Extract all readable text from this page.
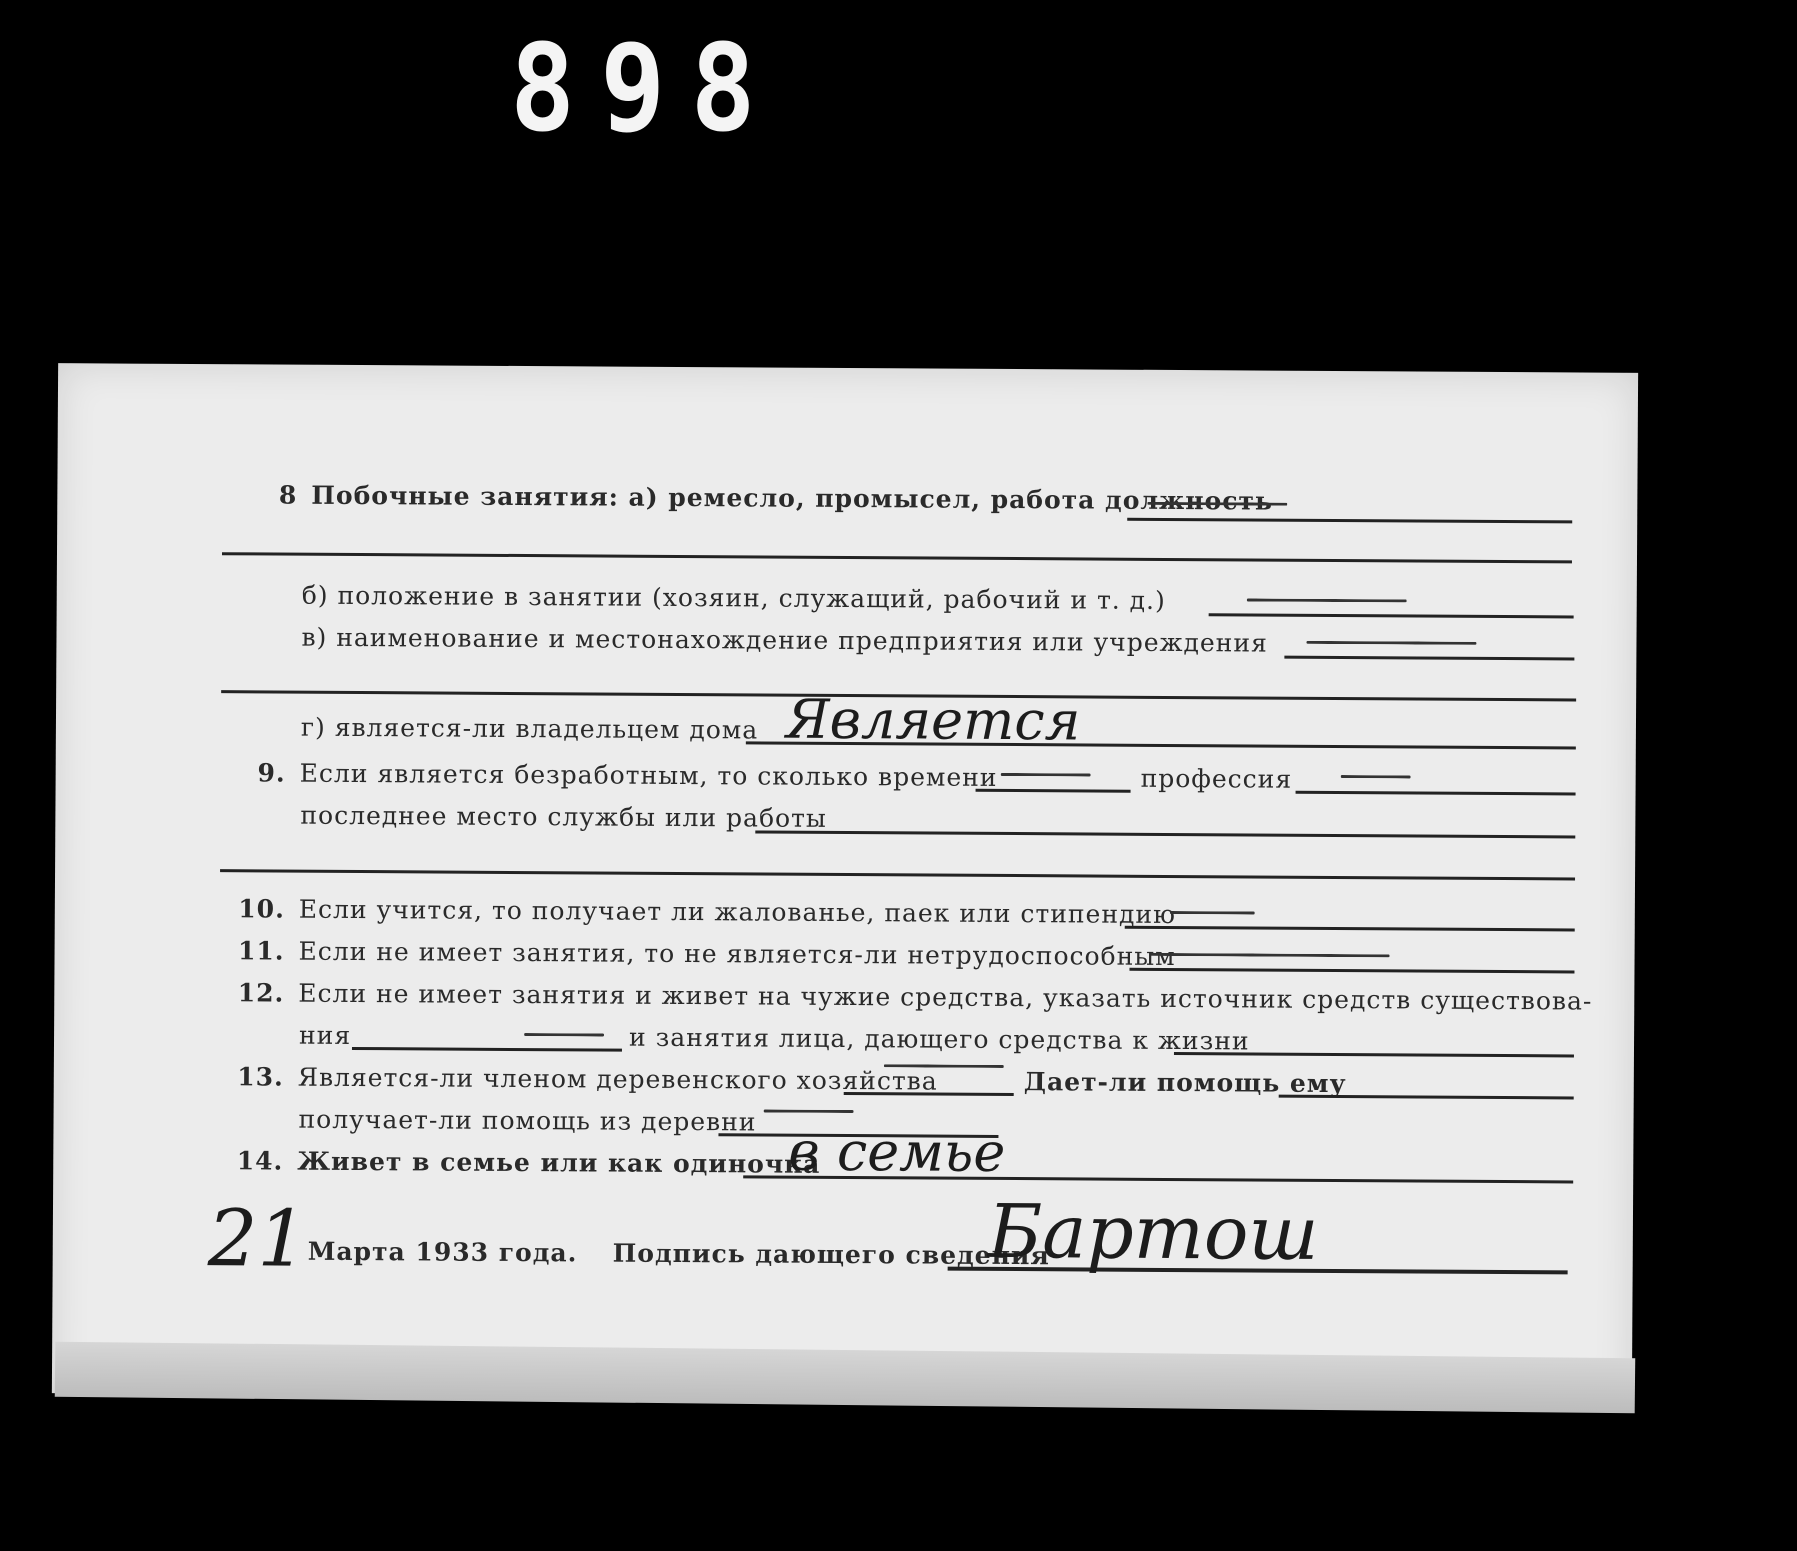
898
8 Побочные занятия: а) ремесло, промысел, работа должность
б) положение в занятии (хозяин, служащий, рабочий и т. д.)
в) наименование и местонахождение предприятия или учреждения
г) является-ли владельцем дома Является
9. Если является безработным, то сколько времени	профессия
последнее место службы или работы
10. Если учится, то получает ли жалованье, паек или стипендию
11. Если не имеет занятия, то не является-ли нетрудоспособным
12. Если не имеет занятия и живет на чужие средства, указать источник средств существова-
ния	и занятия лица, дающего средства к жизни
13. Является-ли членом деревенского хозяйства	Дает-ли помощь ему
получает-ли помощь из деревни
14. Живет в семье или как одиночка
в семье
21 Марта 1933 года. Подпись дающего сведения
Бартош
